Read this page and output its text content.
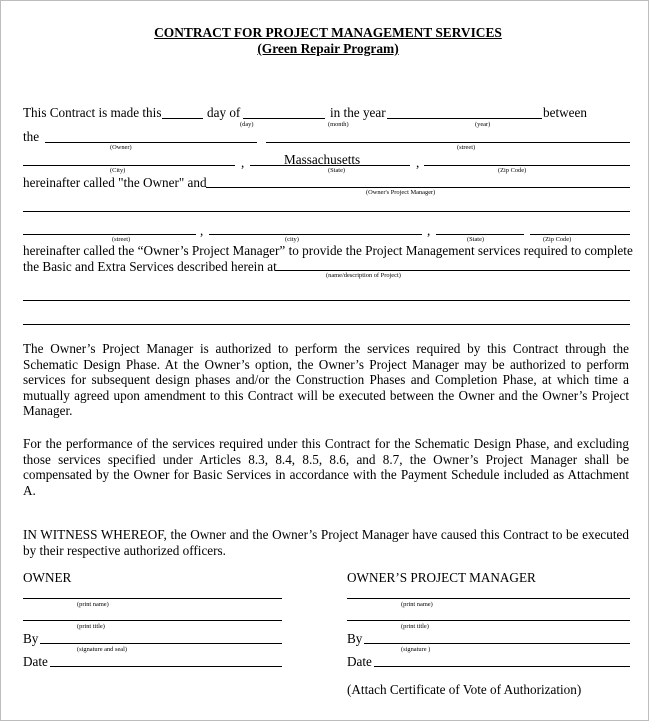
CONTRACT FOR PROJECT MANAGEMENT SERVICES
(Green Repair Program)
This Contract is made this	day of	in the year	between
(day)	(month)	(year)
the
(Owner)	(street)
,	Massachusetts	,
(City)	(State)	(Zip Code)
hereinafter called "the Owner" and
(Owner's Project Manager)
,	,
(street)	(city)	(State)	(Zip Code)
hereinafter called the “Owner’s Project Manager” to provide the Project Management services required to complete
the Basic and Extra Services described herein at
(name/description of Project)
The Owner’s Project Manager is authorized to perform the services required by this Contract through the Schematic Design Phase. At the Owner’s option, the Owner’s Project Manager may be authorized to perform services for subsequent design phases and/or the Construction Phases and Completion Phase, at which time a mutually agreed upon amendment to this Contract will be executed between the Owner and the Owner’s Project Manager.
For the performance of the services required under this Contract for the Schematic Design Phase, and excluding those services specified under Articles 8.3, 8.4, 8.5, 8.6, and 8.7, the Owner’s Project Manager shall be compensated by the Owner for Basic Services in accordance with the Payment Schedule included as Attachment A.
IN WITNESS WHEREOF, the Owner and the Owner’s Project Manager have caused this Contract to be executed by their respective authorized officers.
OWNER
(print name)
(print title)
By
(signature and seal)
Date
OWNER’S PROJECT MANAGER
(print name)
(print title)
By
(signature )
Date
(Attach Certificate of Vote of Authorization)
